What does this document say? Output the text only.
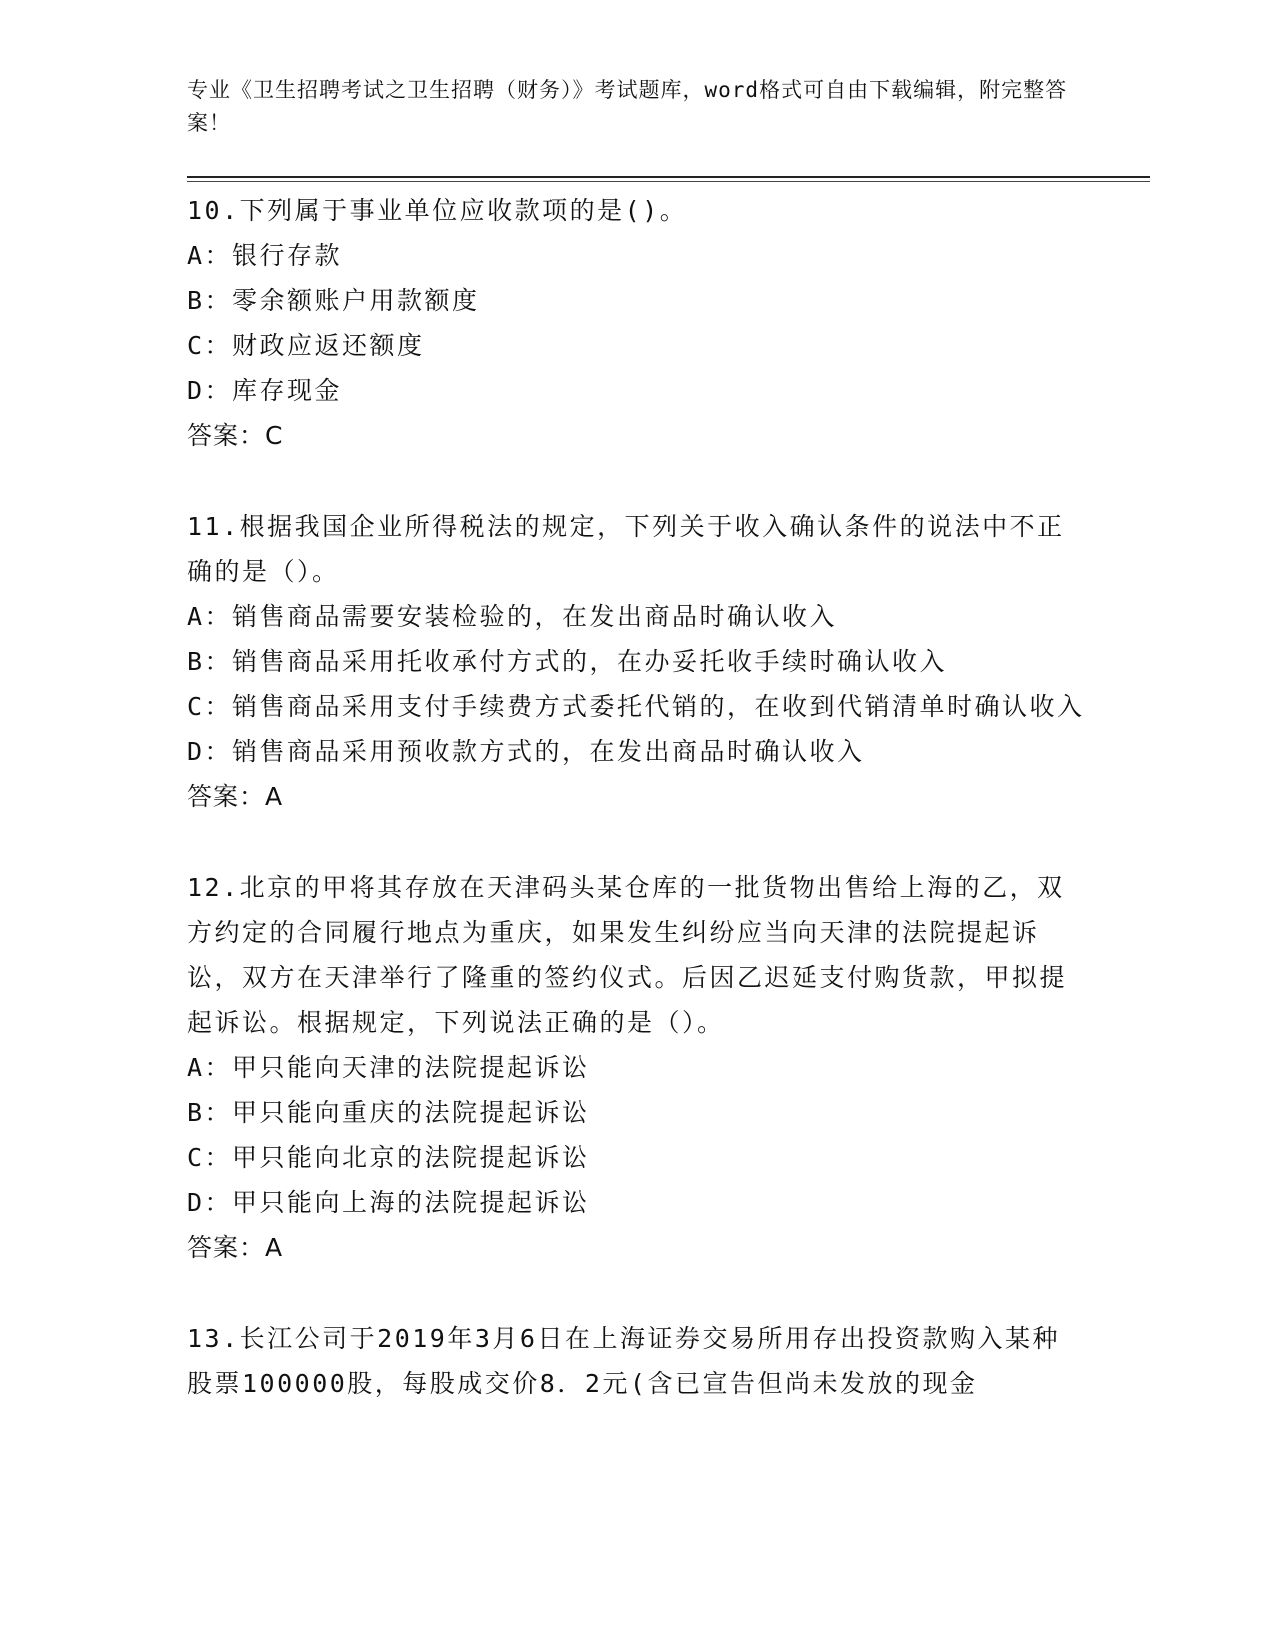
专业《卫生招聘考试之卫生招聘（财务）》考试题库，word格式可自由下载编辑，附完整答案！
10.下列属于事业单位应收款项的是()。
A：银行存款
B：零余额账户用款额度
C：财政应返还额度
D：库存现金
答案：C
11.根据我国企业所得税法的规定，下列关于收入确认条件的说法中不正确的是（）。
A：销售商品需要安装检验的，在发出商品时确认收入
B：销售商品采用托收承付方式的，在办妥托收手续时确认收入
C：销售商品采用支付手续费方式委托代销的，在收到代销清单时确认收入
D：销售商品采用预收款方式的，在发出商品时确认收入
答案：A
12.北京的甲将其存放在天津码头某仓库的一批货物出售给上海的乙，双方约定的合同履行地点为重庆，如果发生纠纷应当向天津的法院提起诉讼，双方在天津举行了隆重的签约仪式。后因乙迟延支付购货款，甲拟提起诉讼。根据规定，下列说法正确的是（）。
A：甲只能向天津的法院提起诉讼
B：甲只能向重庆的法院提起诉讼
C：甲只能向北京的法院提起诉讼
D：甲只能向上海的法院提起诉讼
答案：A
13.长江公司于2019年3月6日在上海证券交易所用存出投资款购入某种股票100000股，每股成交价8．2元(含已宣告但尚未发放的现金
